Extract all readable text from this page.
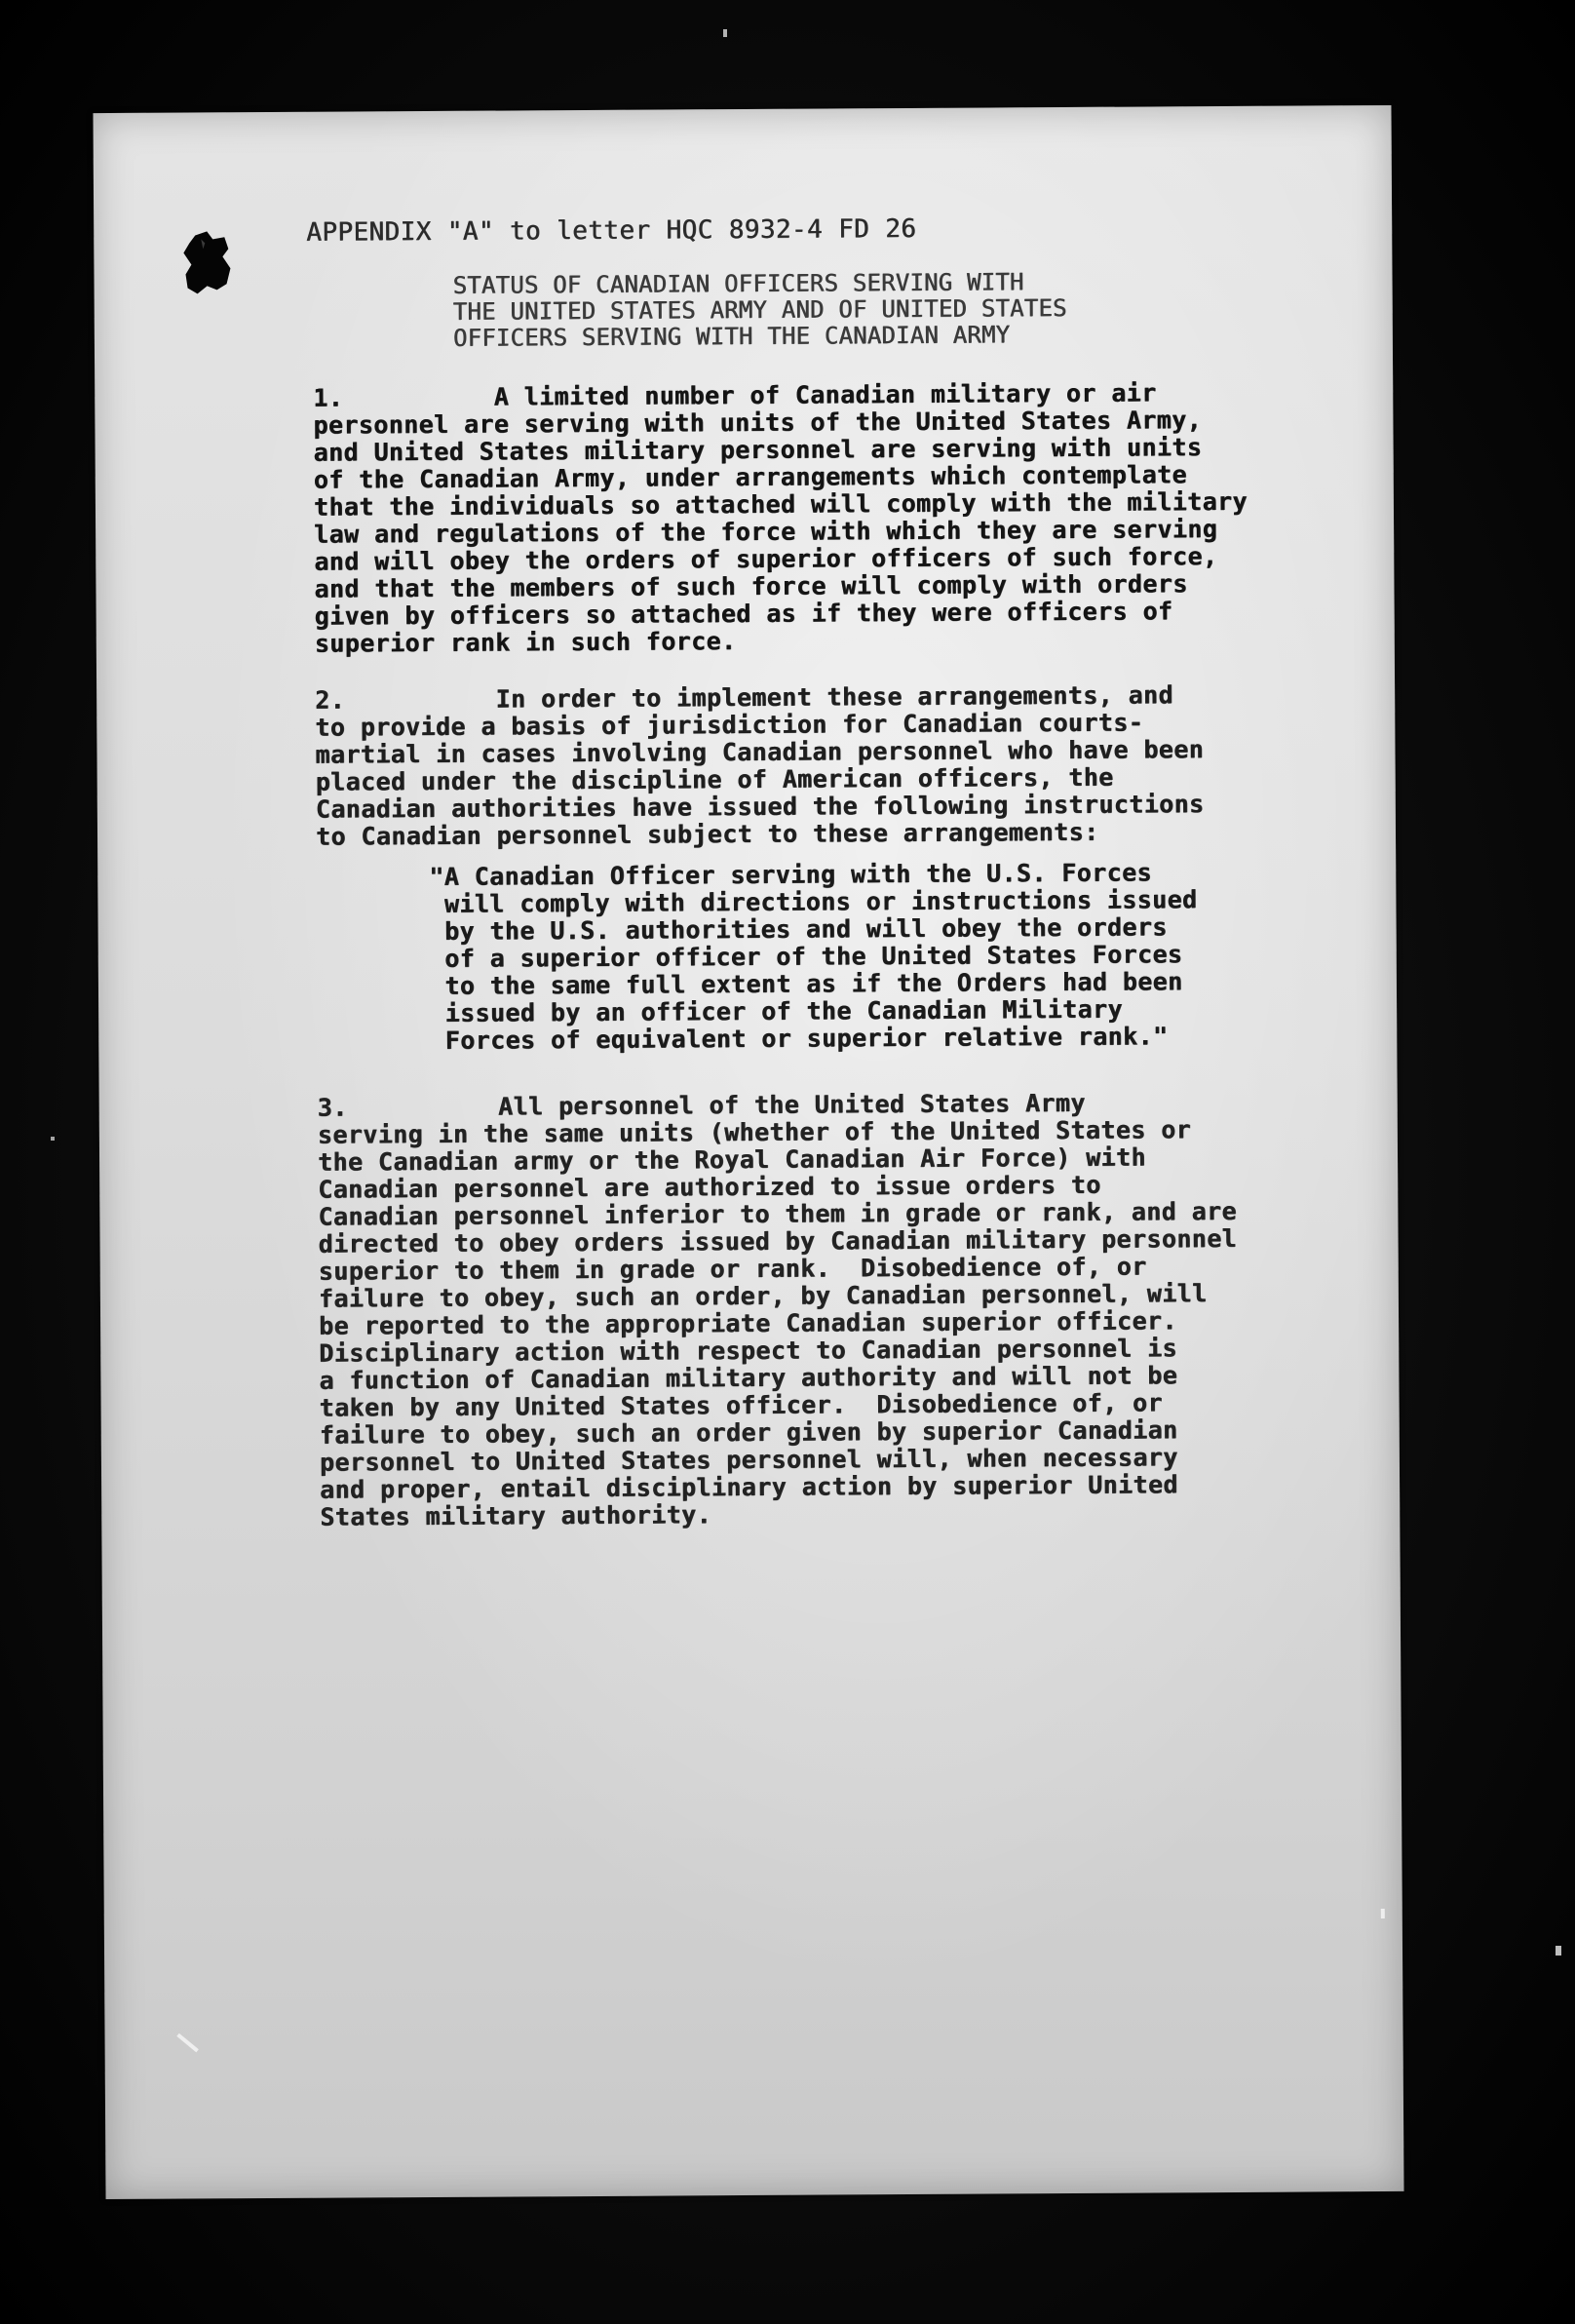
APPENDIX "A" to letter HQC 8932-4 FD 26
STATUS OF CANADIAN OFFICERS SERVING WITH
THE UNITED STATES ARMY AND OF UNITED STATES
OFFICERS SERVING WITH THE CANADIAN ARMY
1.	A limited number of Canadian military or air
personnel are serving with units of the United States Army,
and United States military personnel are serving with units
of the Canadian Army, under arrangements which contemplate
that the individuals so attached will comply with the military
law and regulations of the force with which they are serving
and will obey the orders of superior officers of such force,
and that the members of such force will comply with orders
given by officers so attached as if they were officers of
superior rank in such force.
2.	In order to implement these arrangements, and
to provide a basis of jurisdiction for Canadian courts-
martial in cases involving Canadian personnel who have been
placed under the discipline of American officers, the
Canadian authorities have issued the following instructions
to Canadian personnel subject to these arrangements:
"A Canadian Officer serving with the U.S. Forces
will comply with directions or instructions issued
by the U.S. authorities and will obey the orders
of a superior officer of the United States Forces
to the same full extent as if the Orders had been
issued by an officer of the Canadian Military
Forces of equivalent or superior relative rank."
3.	All personnel of the United States Army
serving in the same units (whether of the United States or
the Canadian army or the Royal Canadian Air Force) with
Canadian personnel are authorized to issue orders to
Canadian personnel inferior to them in grade or rank, and are
directed to obey orders issued by Canadian military personnel
superior to them in grade or rank.  Disobedience of, or
failure to obey, such an order, by Canadian personnel, will
be reported to the appropriate Canadian superior officer.
Disciplinary action with respect to Canadian personnel is
a function of Canadian military authority and will not be
taken by any United States officer.  Disobedience of, or
failure to obey, such an order given by superior Canadian
personnel to United States personnel will, when necessary
and proper, entail disciplinary action by superior United
States military authority.
